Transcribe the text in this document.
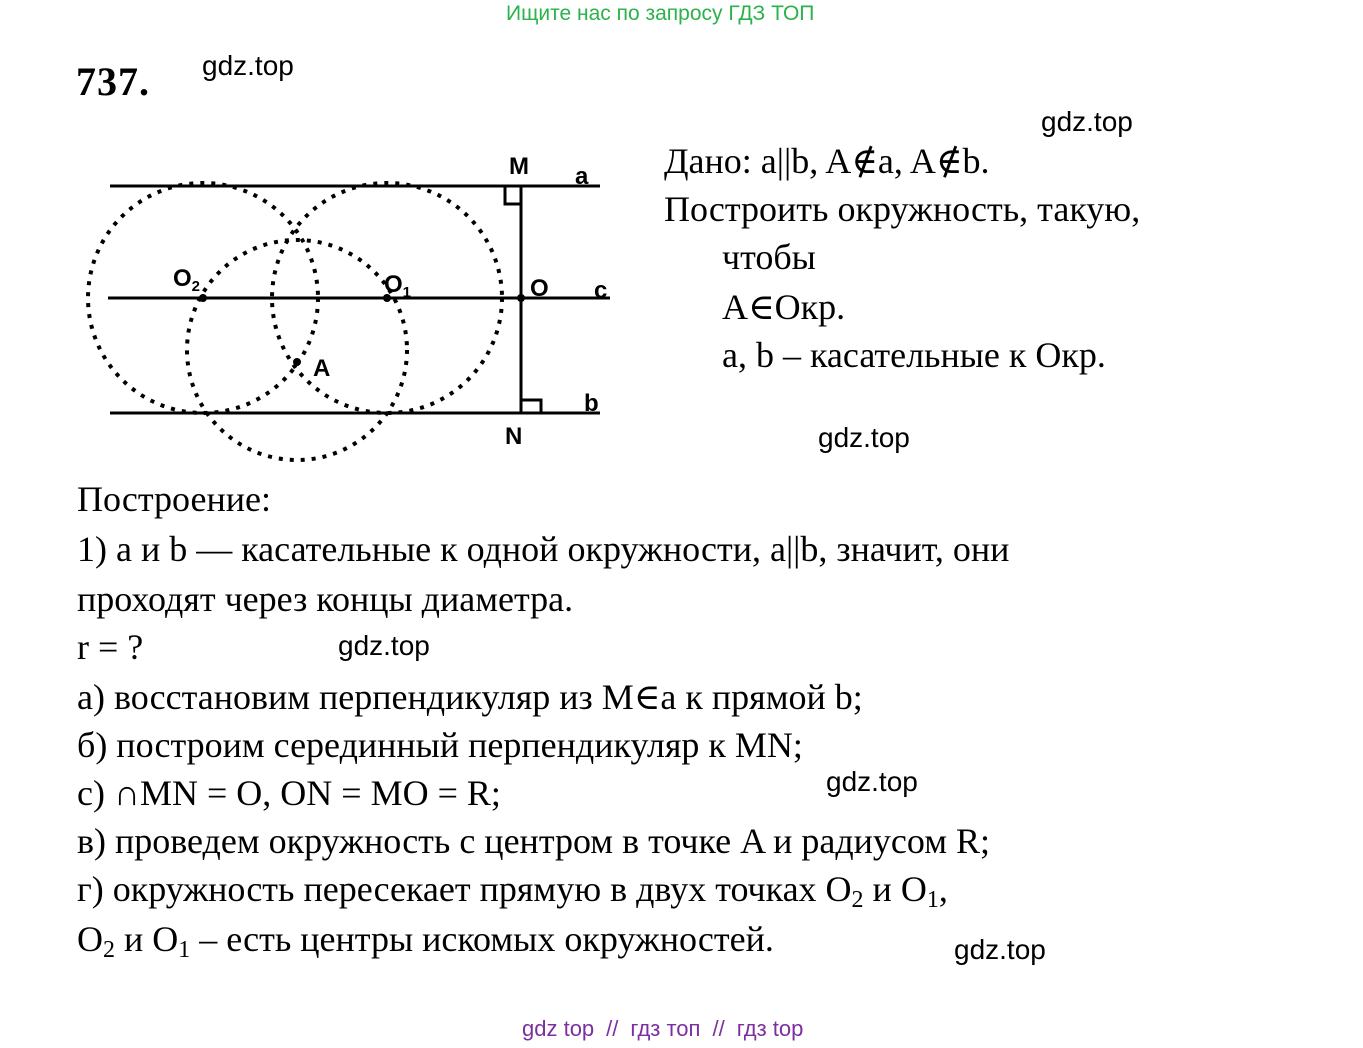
Ищите нас по запросу ГДЗ ТОП
737. gdz.top
gdz.top
gdz.top
gdz.top
gdz.top
gdz.top
M a
$O_2$	$O_1$	O c
A
b
N
Дано: a||b, A∉a, A∉b.
Построить окружность, такую,
чтобы
A∈Окр.
a, b – касательные к Окр.
Построение:
1) a и b — касательные к одной окружности, a||b, значит, они
проходят через концы диаметра.
r = ?
а) восстановим перпендикуляр из M∈a к прямой b;
б) построим серединный перпендикуляр к MN;
с) ∩MN = O, ON = MO = R;
в) проведем окружность с центром в точке A и радиусом R;
г) окружность пересекает прямую в двух точках $O_2$ и $O_1$,
$O_2$ и $O_1$ – есть центры искомых окружностей.
gdz top // гдз топ // гдз top
